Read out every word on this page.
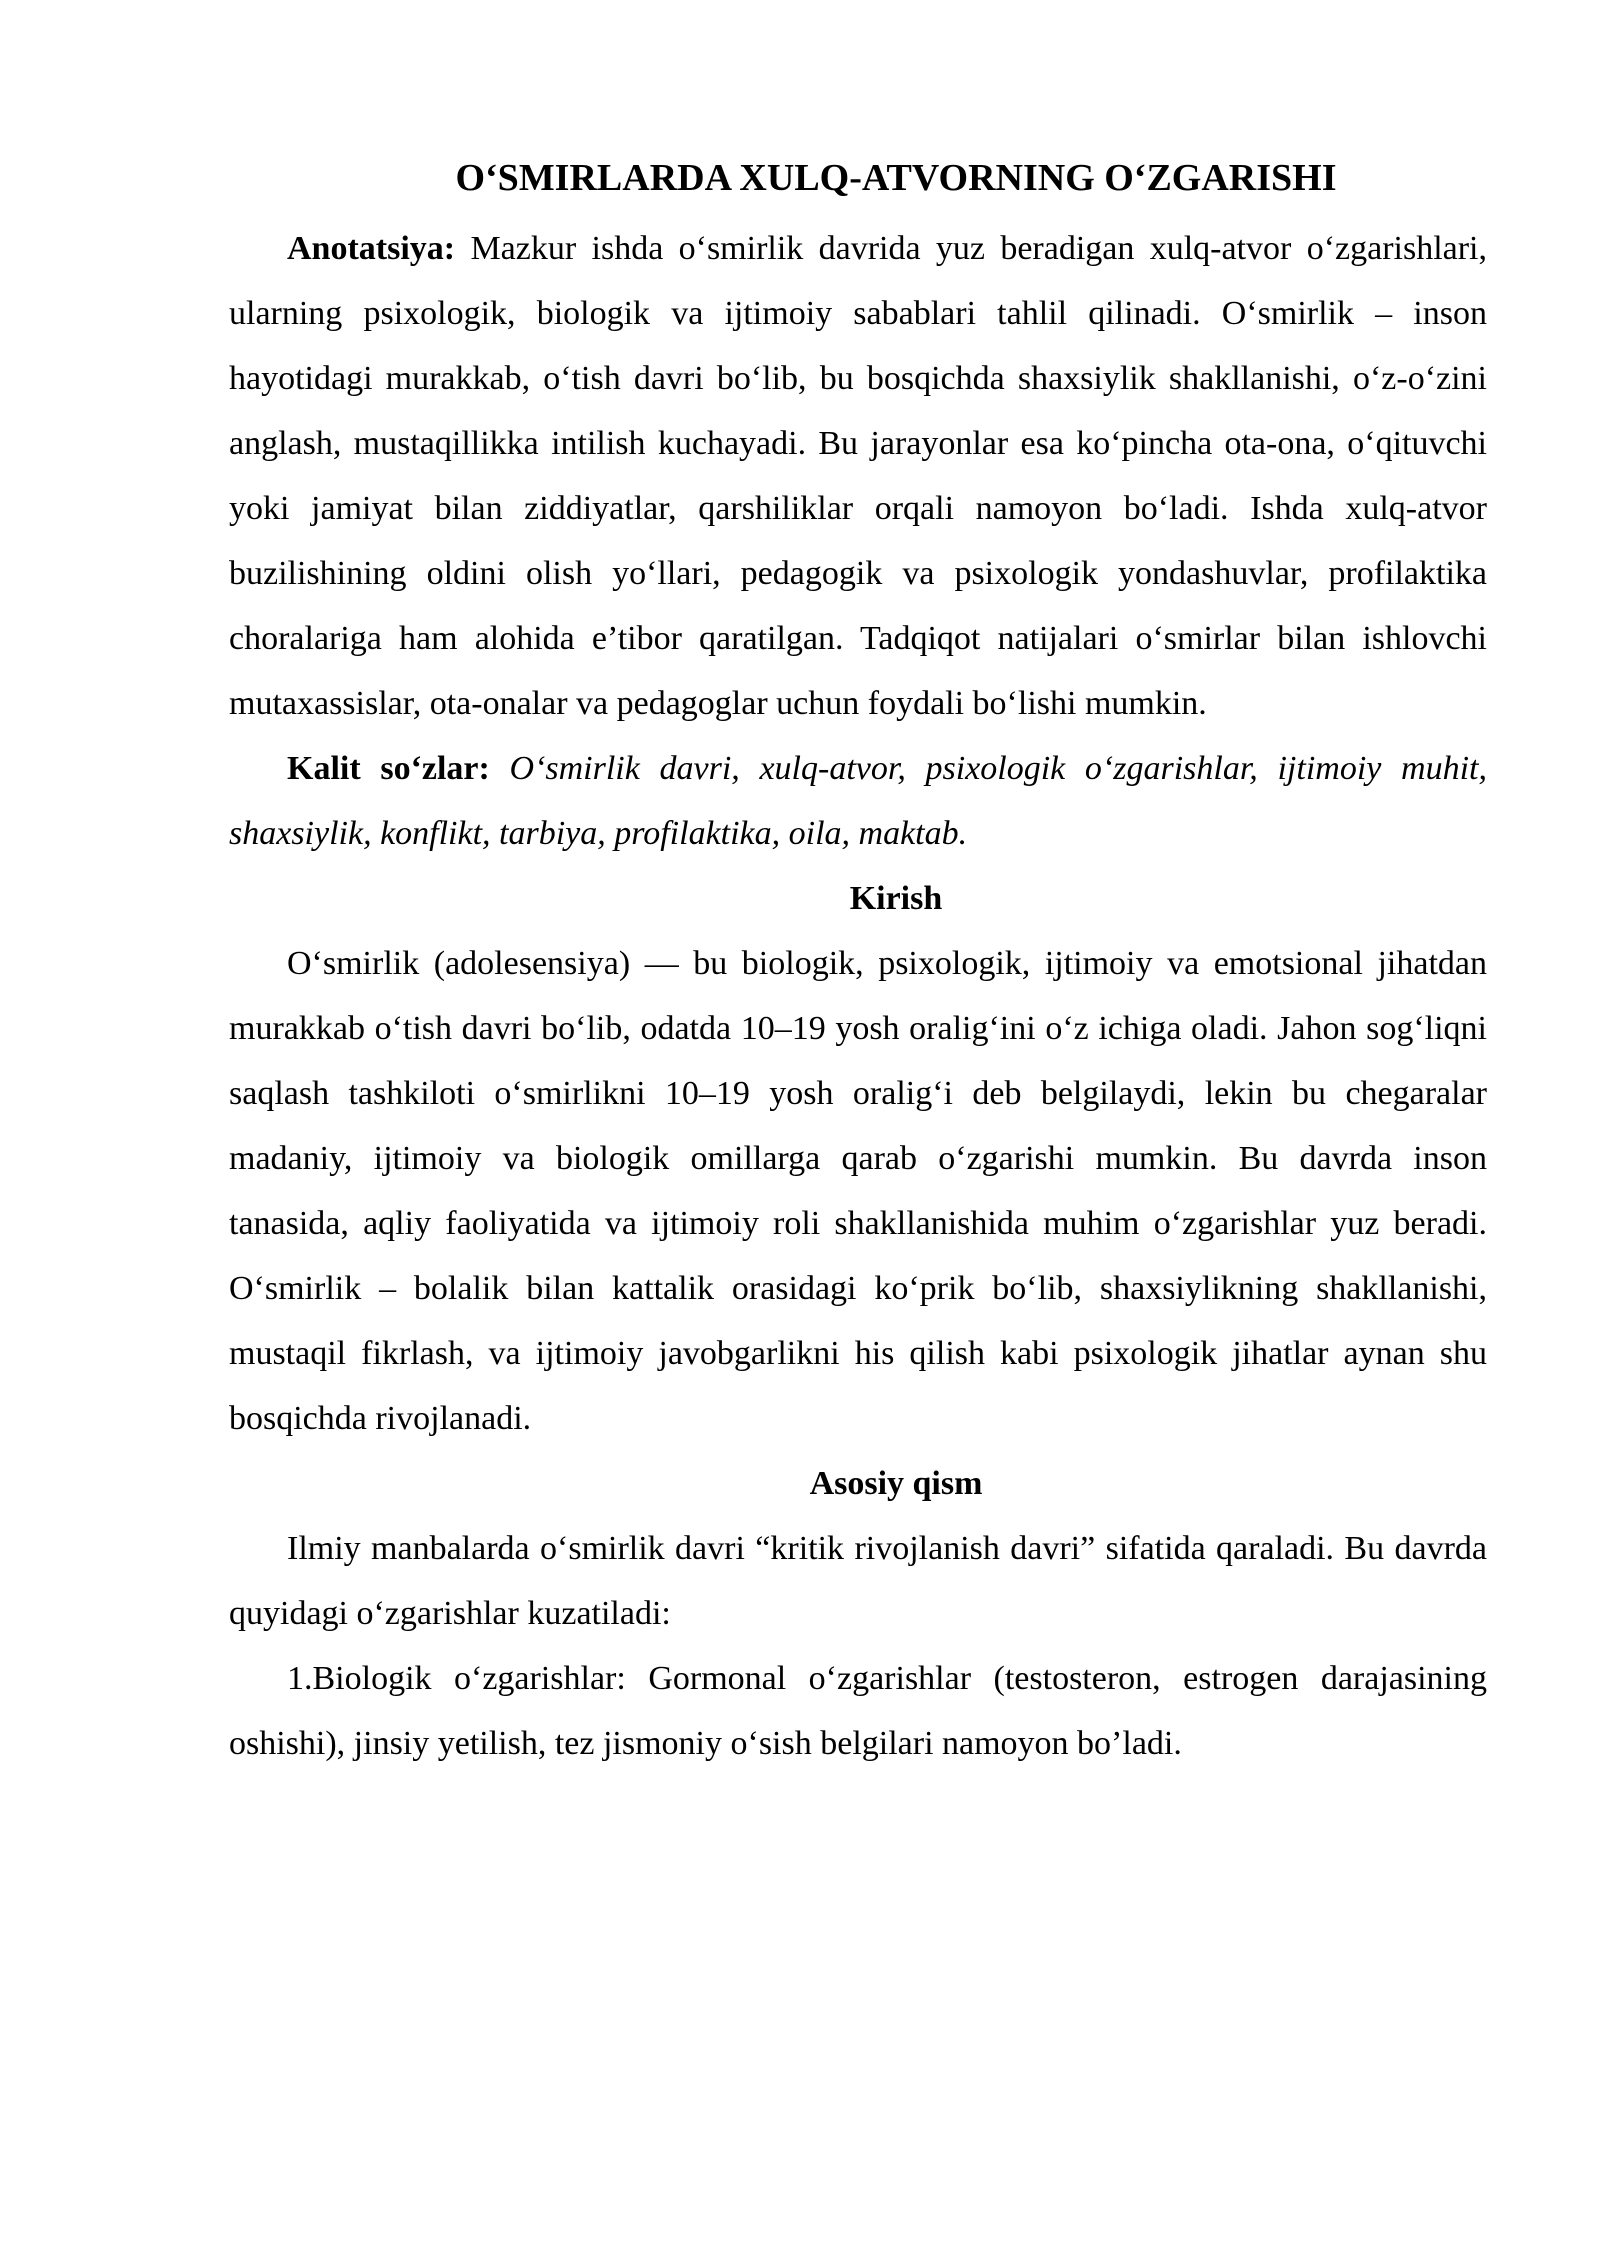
O‘SMIRLARDA XULQ-ATVORNING O‘ZGARISHI

Anotatsiya: Mazkur ishda o‘smirlik davrida yuz beradigan xulq-atvor o‘zgarishlari, ularning psixologik, biologik va ijtimoiy sabablari tahlil qilinadi. O‘smirlik – inson hayotidagi murakkab, o‘tish davri bo‘lib, bu bosqichda shaxsiylik shakllanishi, o‘z-o‘zini anglash, mustaqillikka intilish kuchayadi. Bu jarayonlar esa ko‘pincha ota-ona, o‘qituvchi yoki jamiyat bilan ziddiyatlar, qarshiliklar orqali namoyon bo‘ladi. Ishda xulq-atvor buzilishining oldini olish yo‘llari, pedagogik va psixologik yondashuvlar, profilaktika choralariga ham alohida e’tibor qaratilgan. Tadqiqot natijalari o‘smirlar bilan ishlovchi mutaxassislar, ota-onalar va pedagoglar uchun foydali bo‘lishi mumkin.

Kalit so‘zlar: O‘smirlik davri, xulq-atvor, psixologik o‘zgarishlar, ijtimoiy muhit, shaxsiylik, konflikt, tarbiya, profilaktika, oila, maktab.

Kirish

O‘smirlik (adolesensiya) — bu biologik, psixologik, ijtimoiy va emotsional jihatdan murakkab o‘tish davri bo‘lib, odatda 10–19 yosh oralig‘ini o‘z ichiga oladi. Jahon sog‘liqni saqlash tashkiloti o‘smirlikni 10–19 yosh oralig‘i deb belgilaydi, lekin bu chegaralar madaniy, ijtimoiy va biologik omillarga qarab o‘zgarishi mumkin. Bu davrda inson tanasida, aqliy faoliyatida va ijtimoiy roli shakllanishida muhim o‘zgarishlar yuz beradi. O‘smirlik – bolalik bilan kattalik orasidagi ko‘prik bo‘lib, shaxsiylikning shakllanishi, mustaqil fikrlash, va ijtimoiy javobgarlikni his qilish kabi psixologik jihatlar aynan shu bosqichda rivojlanadi.

Asosiy qism

Ilmiy manbalarda o‘smirlik davri “kritik rivojlanish davri” sifatida qaraladi. Bu davrda quyidagi o‘zgarishlar kuzatiladi:

1.Biologik o‘zgarishlar: Gormonal o‘zgarishlar (testosteron, estrogen darajasining oshishi), jinsiy yetilish, tez jismoniy o‘sish belgilari namoyon bo’ladi.
